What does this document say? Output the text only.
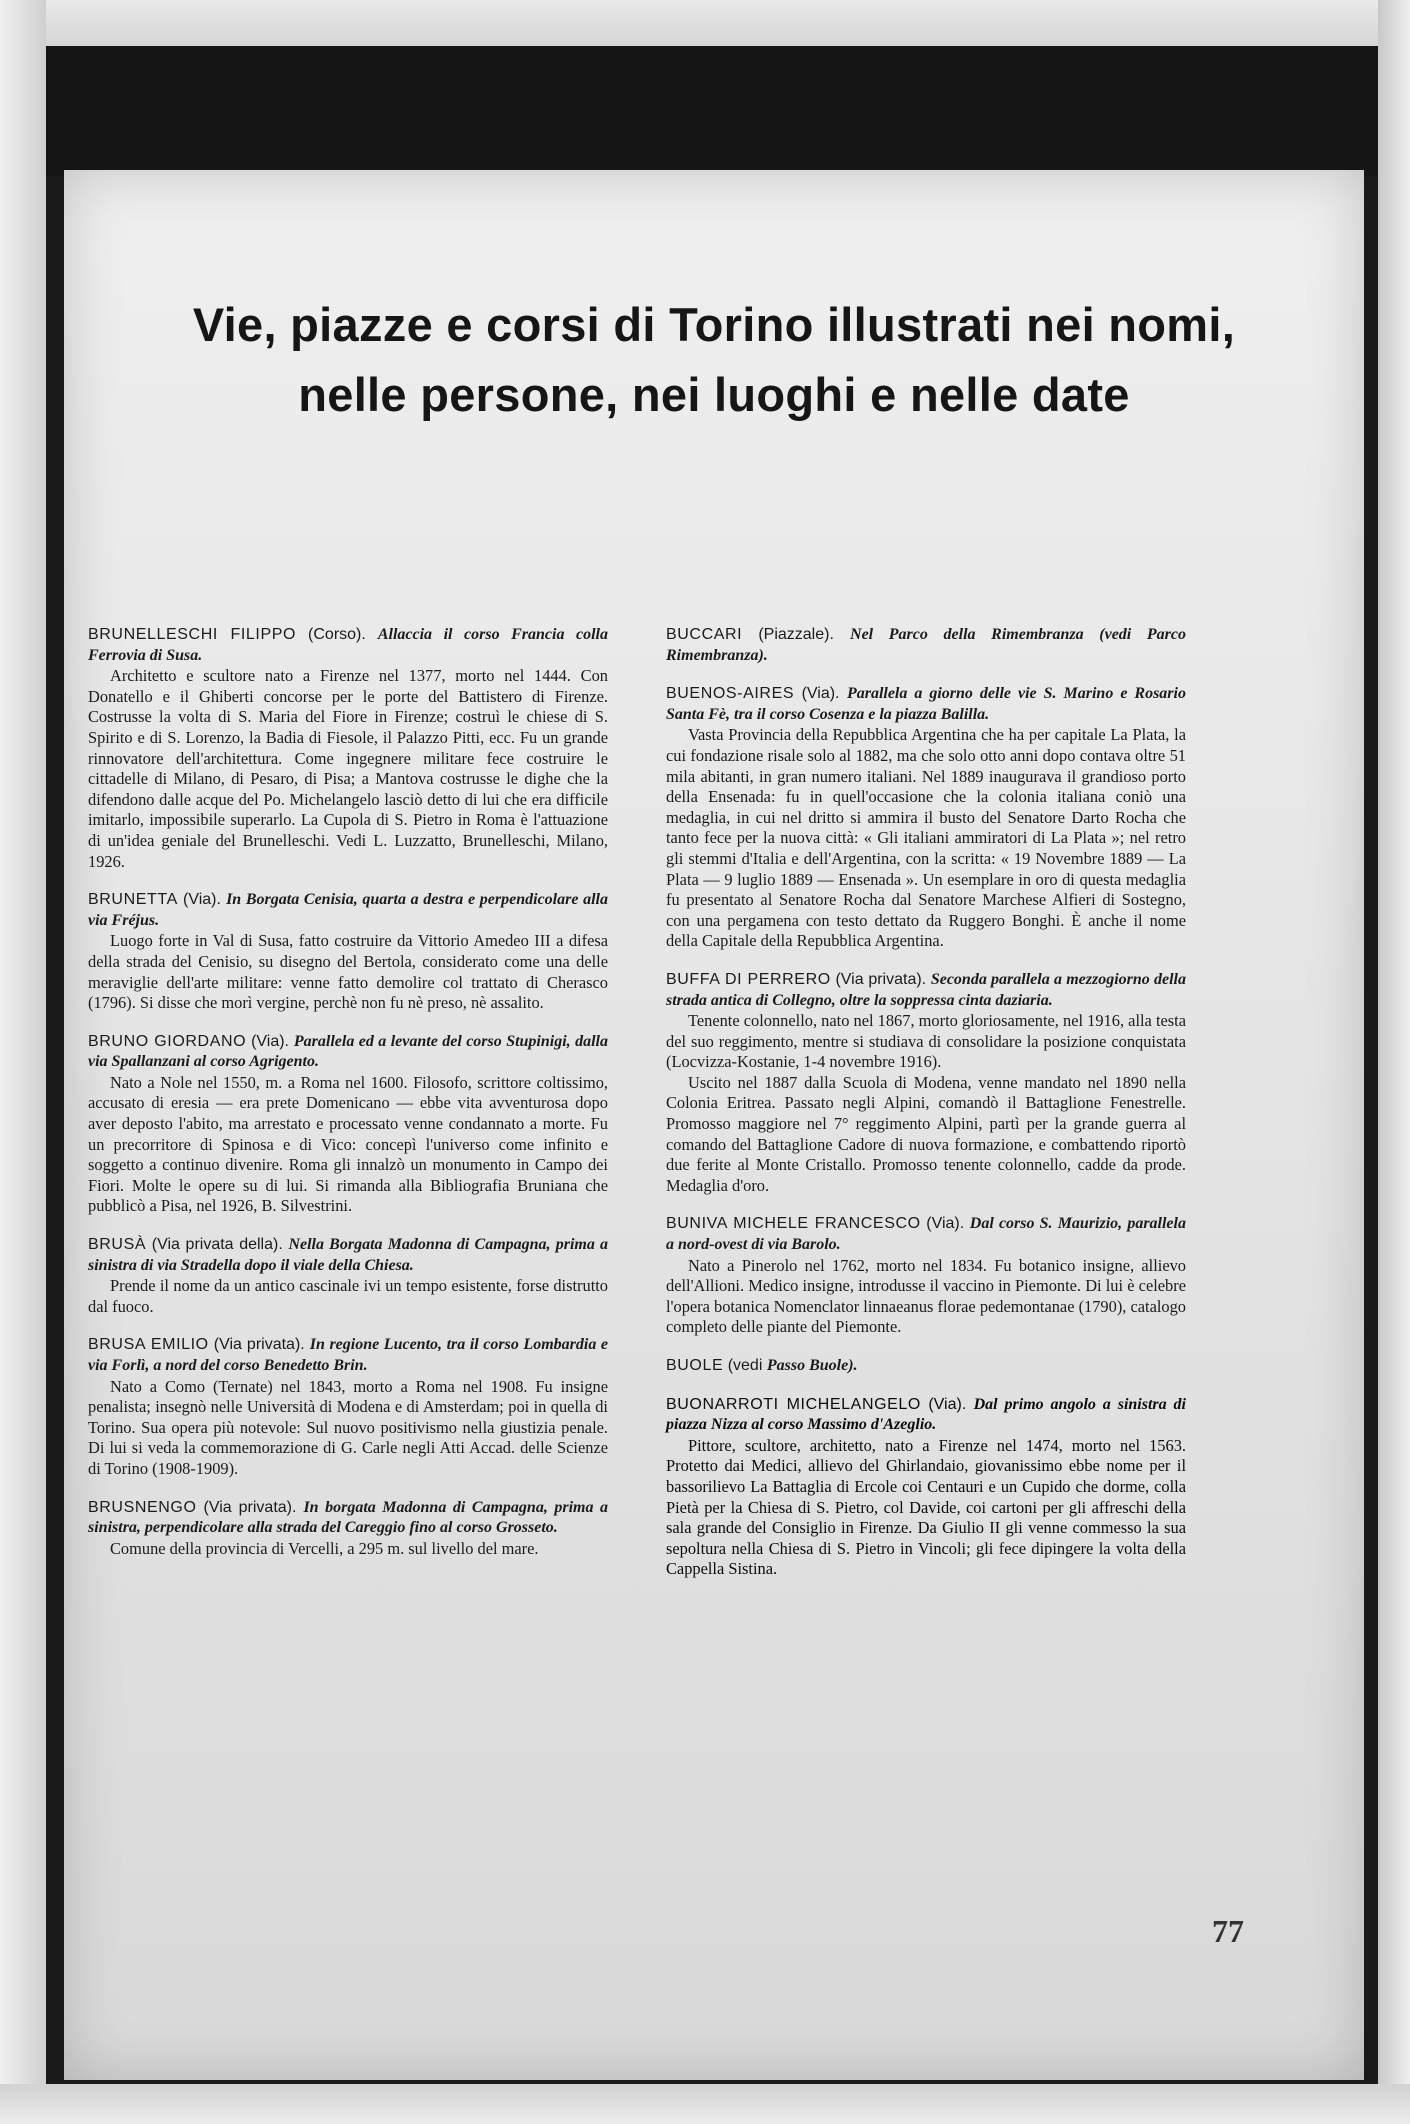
Vie, piazze e corsi di Torino illustrati nei nomi,
nelle persone, nei luoghi e nelle date

BRUNELLESCHI FILIPPO (Corso). Allaccia il corso Francia colla Ferrovia di Susa.

Architetto e scultore nato a Firenze nel 1377, morto nel 1444. Con Donatello e il Ghiberti concorse per le porte del Battistero di Firenze. Costrusse la volta di S. Maria del Fiore in Firenze; costruì le chiese di S. Spirito e di S. Lorenzo, la Badia di Fiesole, il Palazzo Pitti, ecc. Fu un grande rinnovatore dell'architettura. Come ingegnere militare fece costruire le cittadelle di Milano, di Pesaro, di Pisa; a Mantova costrusse le dighe che la difendono dalle acque del Po. Michelangelo lasciò detto di lui che era difficile imitarlo, impossibile superarlo. La Cupola di S. Pietro in Roma è l'attuazione di un'idea geniale del Brunelleschi. Vedi L. Luzzatto, Brunelleschi, Milano, 1926.

BRUNETTA (Via). In Borgata Cenisia, quarta a destra e perpendicolare alla via Fréjus.

Luogo forte in Val di Susa, fatto costruire da Vittorio Amedeo III a difesa della strada del Cenisio, su disegno del Bertola, considerato come una delle meraviglie dell'arte militare: venne fatto demolire col trattato di Cherasco (1796). Si disse che morì vergine, perchè non fu nè preso, nè assalito.

BRUNO GIORDANO (Via). Parallela ed a levante del corso Stupinigi, dalla via Spallanzani al corso Agrigento.

Nato a Nole nel 1550, m. a Roma nel 1600. Filosofo, scrittore coltissimo, accusato di eresia — era prete Domenicano — ebbe vita avventurosa dopo aver deposto l'abito, ma arrestato e processato venne condannato a morte. Fu un precorritore di Spinosa e di Vico: concepì l'universo come infinito e soggetto a continuo divenire. Roma gli innalzò un monumento in Campo dei Fiori. Molte le opere su di lui. Si rimanda alla Bibliografia Bruniana che pubblicò a Pisa, nel 1926, B. Silvestrini.

BRUSÀ (Via privata della). Nella Borgata Madonna di Campagna, prima a sinistra di via Stradella dopo il viale della Chiesa.

Prende il nome da un antico cascinale ivi un tempo esistente, forse distrutto dal fuoco.

BRUSA EMILIO (Via privata). In regione Lucento, tra il corso Lombardia e via Forlì, a nord del corso Benedetto Brin.

Nato a Como (Ternate) nel 1843, morto a Roma nel 1908. Fu insigne penalista; insegnò nelle Università di Modena e di Amsterdam; poi in quella di Torino. Sua opera più notevole: Sul nuovo positivismo nella giustizia penale. Di lui si veda la commemorazione di G. Carle negli Atti Accad. delle Scienze di Torino (1908-1909).

BRUSNENGO (Via privata). In borgata Madonna di Campagna, prima a sinistra, perpendicolare alla strada del Careggio fino al corso Grosseto.

Comune della provincia di Vercelli, a 295 m. sul livello del mare.

BUCCARI (Piazzale). Nel Parco della Rimembranza (vedi Parco Rimembranza).

BUENOS-AIRES (Via). Parallela a giorno delle vie S. Marino e Rosario Santa Fè, tra il corso Cosenza e la piazza Balilla.

Vasta Provincia della Repubblica Argentina che ha per capitale La Plata, la cui fondazione risale solo al 1882, ma che solo otto anni dopo contava oltre 51 mila abitanti, in gran numero italiani. Nel 1889 inaugurava il grandioso porto della Ensenada: fu in quell'occasione che la colonia italiana coniò una medaglia, in cui nel dritto si ammira il busto del Senatore Darto Rocha che tanto fece per la nuova città: « Gli italiani ammiratori di La Plata »; nel retro gli stemmi d'Italia e dell'Argentina, con la scritta: « 19 Novembre 1889 — La Plata — 9 luglio 1889 — Ensenada ». Un esemplare in oro di questa medaglia fu presentato al Senatore Rocha dal Senatore Marchese Alfieri di Sostegno, con una pergamena con testo dettato da Ruggero Bonghi. È anche il nome della Capitale della Repubblica Argentina.

BUFFA DI PERRERO (Via privata). Seconda parallela a mezzogiorno della strada antica di Collegno, oltre la soppressa cinta daziaria.

Tenente colonnello, nato nel 1867, morto gloriosamente, nel 1916, alla testa del suo reggimento, mentre si studiava di consolidare la posizione conquistata (Locvizza-Kostanie, 1-4 novembre 1916).

Uscito nel 1887 dalla Scuola di Modena, venne mandato nel 1890 nella Colonia Eritrea. Passato negli Alpini, comandò il Battaglione Fenestrelle. Promosso maggiore nel 7° reggimento Alpini, partì per la grande guerra al comando del Battaglione Cadore di nuova formazione, e combattendo riportò due ferite al Monte Cristallo. Promosso tenente colonnello, cadde da prode. Medaglia d'oro.

BUNIVA MICHELE FRANCESCO (Via). Dal corso S. Maurizio, parallela a nord-ovest di via Barolo.

Nato a Pinerolo nel 1762, morto nel 1834. Fu botanico insigne, allievo dell'Allioni. Medico insigne, introdusse il vaccino in Piemonte. Di lui è celebre l'opera botanica Nomenclator linnaeanus florae pedemontanae (1790), catalogo completo delle piante del Piemonte.

BUOLE (vedi Passo Buole).

BUONARROTI MICHELANGELO (Via). Dal primo angolo a sinistra di piazza Nizza al corso Massimo d'Azeglio.

Pittore, scultore, architetto, nato a Firenze nel 1474, morto nel 1563. Protetto dai Medici, allievo del Ghirlandaio, giovanissimo ebbe nome per il bassorilievo La Battaglia di Ercole coi Centauri e un Cupido che dorme, colla Pietà per la Chiesa di S. Pietro, col Davide, coi cartoni per gli affreschi della sala grande del Consiglio in Firenze. Da Giulio II gli venne commesso la sua sepoltura nella Chiesa di S. Pietro in Vincoli; gli fece dipingere la volta della Cappella Sistina.

77
